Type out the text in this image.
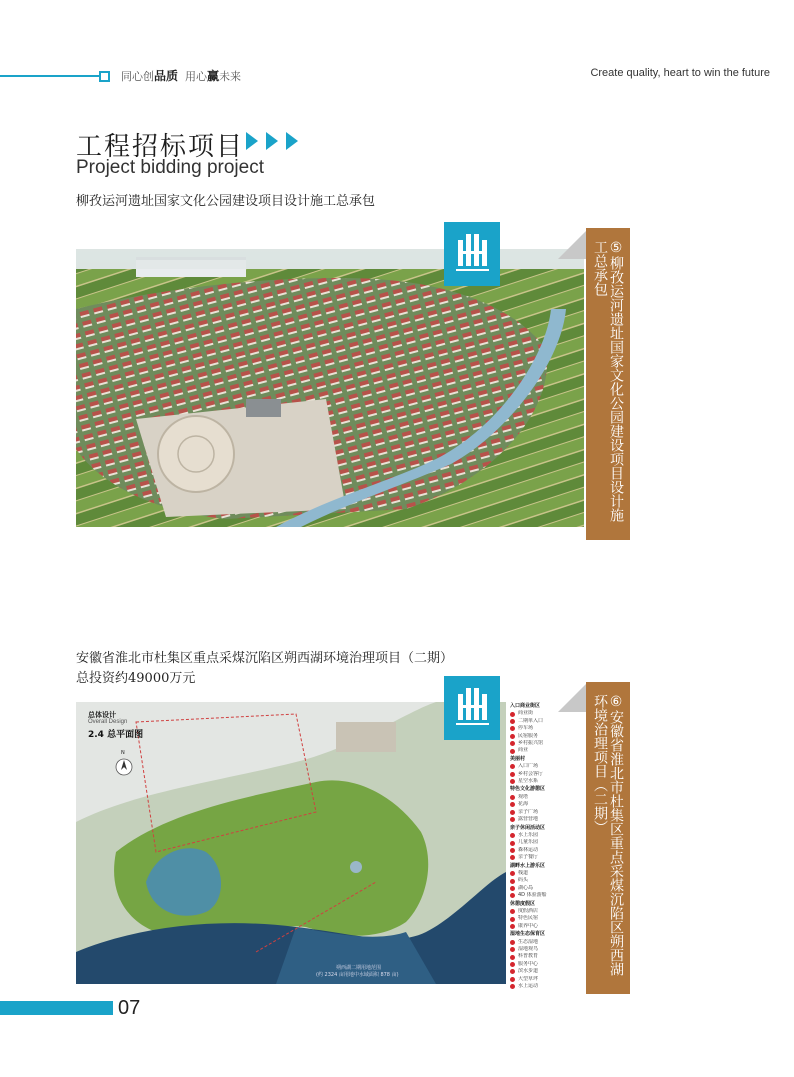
同心创品质 用心赢未来	Create quality, heart to win the future
工程招标项目
Project bidding project
柳孜运河遗址国家文化公园建设项目设计施工总承包
⑤柳孜运河遗址国家文化公园建设项目设计施工总承包
安徽省淮北市杜集区重点采煤沉陷区朔西湖环境治理项目（二期）
总投资约49000万元
总体设计
Overall Design
2.4 总平面图
N
朔西湖二期用地范围
(约 2324 亩用地中水域面积 878 亩)
入口商业街区
商业街
二期单入口
停车场
民宿服务
乡村振兴馆
商业
美丽村
入口广场
乡村会客厅
星空水系
特色文化游憩区
观塔
花海
亲子广场
露营营地
亲子休闲活动区
水上乐园
儿童乐园
森林运动
亲子餐厅
湖畔水上游乐区
栈道
码头
湖心岛
4D 体验游船
休憩度假区
度假酒店
特色民宿
康养中心
湿地生态保育区
生态湿地
湿地观鸟
科普教育
服务中心
滨水步道
大型草坪
水上运动
⑥安徽省淮北市杜集区重点采煤沉陷区朔西湖环境治理项目（二期）
07
